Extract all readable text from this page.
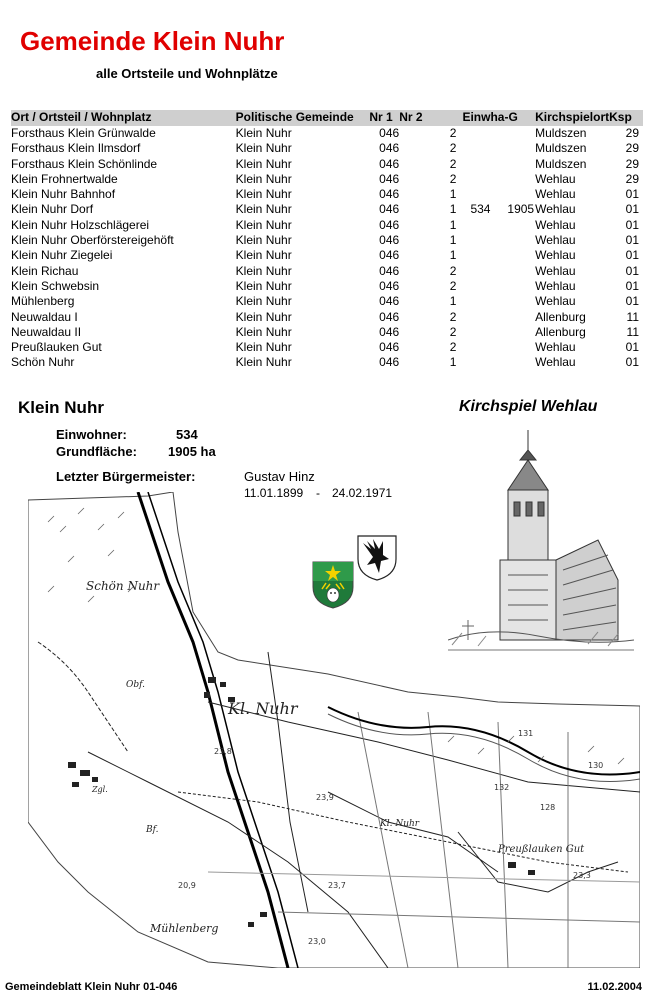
Gemeinde Klein Nuhr
alle Ortsteile und Wohnplätze
Ort / Ortsteil / Wohnplatz	Politische Gemeinde	Nr 1	Nr 2	Einw	ha-G	Kirchspielort	Ksp
Forsthaus Klein Grünwalde	Klein Nuhr	046	2			Muldszen	29
Forsthaus Klein Ilmsdorf	Klein Nuhr	046	2			Muldszen	29
Forsthaus Klein Schönlinde	Klein Nuhr	046	2			Muldszen	29
Klein Frohnertwalde	Klein Nuhr	046	2			Wehlau	29
Klein Nuhr Bahnhof	Klein Nuhr	046	1			Wehlau	01
Klein Nuhr Dorf	Klein Nuhr	046	1	534	1905	Wehlau	01
Klein Nuhr Holzschlägerei	Klein Nuhr	046	1			Wehlau	01
Klein Nuhr Oberförstereigehöft	Klein Nuhr	046	1			Wehlau	01
Klein Nuhr Ziegelei	Klein Nuhr	046	1			Wehlau	01
Klein Richau	Klein Nuhr	046	2			Wehlau	01
Klein Schwebsin	Klein Nuhr	046	2			Wehlau	01
Mühlenberg	Klein Nuhr	046	1			Wehlau	01
Neuwaldau I	Klein Nuhr	046	2			Allenburg	11
Neuwaldau II	Klein Nuhr	046	2			Allenburg	11
Preußlauken Gut	Klein Nuhr	046	2			Wehlau	01
Schön Nuhr	Klein Nuhr	046	1			Wehlau	01
Klein Nuhr	Kirchspiel Wehlau
Einwohner:	534
Grundfläche: 1905 ha
Letzter Bürgermeister:	Gustav Hinz
11.01.1899 - 24.02.1971
Schön Nuhr
Kl. Nuhr
Kl. Nuhr
Preußlauken Gut
Mühlenberg
Obf.
Bf.
Zgl.
131
130
132
128
23,9
23,8
23,7
23,3
23,0
20,9
Gemeindeblatt Klein Nuhr 01-046	11.02.2004
